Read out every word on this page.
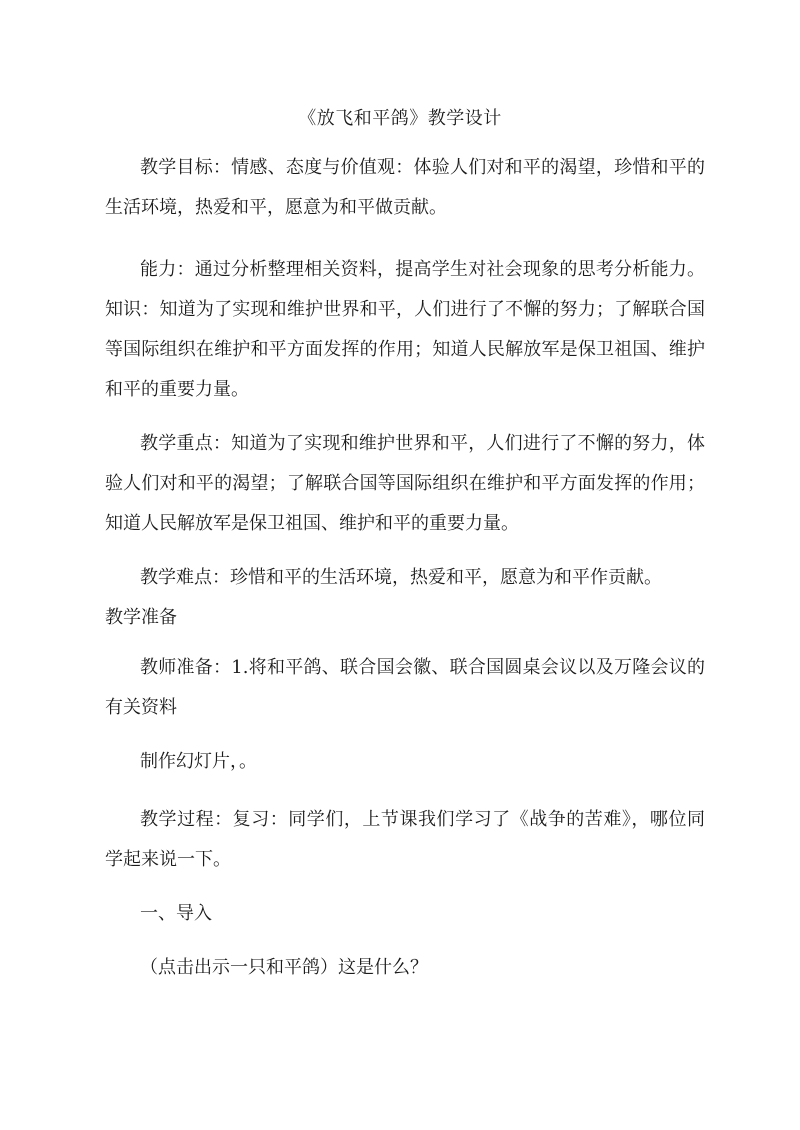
《放飞和平鸽》教学设计

教学目标：情感、态度与价值观：体验人们对和平的渴望，珍惜和平的生活环境，热爱和平，愿意为和平做贡献。

能力：通过分析整理相关资料，提高学生对社会现象的思考分析能力。 知识：知道为了实现和维护世界和平，人们进行了不懈的努力；了解联合国等国际组织在维护和平方面发挥的作用；知道人民解放军是保卫祖国、维护和平的重要力量。

教学重点：知道为了实现和维护世界和平，人们进行了不懈的努力，体验人们对和平的渴望；了解联合国等国际组织在维护和平方面发挥的作用；知道人民解放军是保卫祖国、维护和平的重要力量。

教学难点：珍惜和平的生活环境，热爱和平，愿意为和平作贡献。

教学准备

教师准备：1.将和平鸽、联合国会徽、联合国圆桌会议以及万隆会议的有关资料

制作幻灯片，。

教学过程：复习：同学们，上节课我们学习了《战争的苦难》，哪位同学起来说一下。

一、导入

（点击出示一只和平鸽）这是什么？
